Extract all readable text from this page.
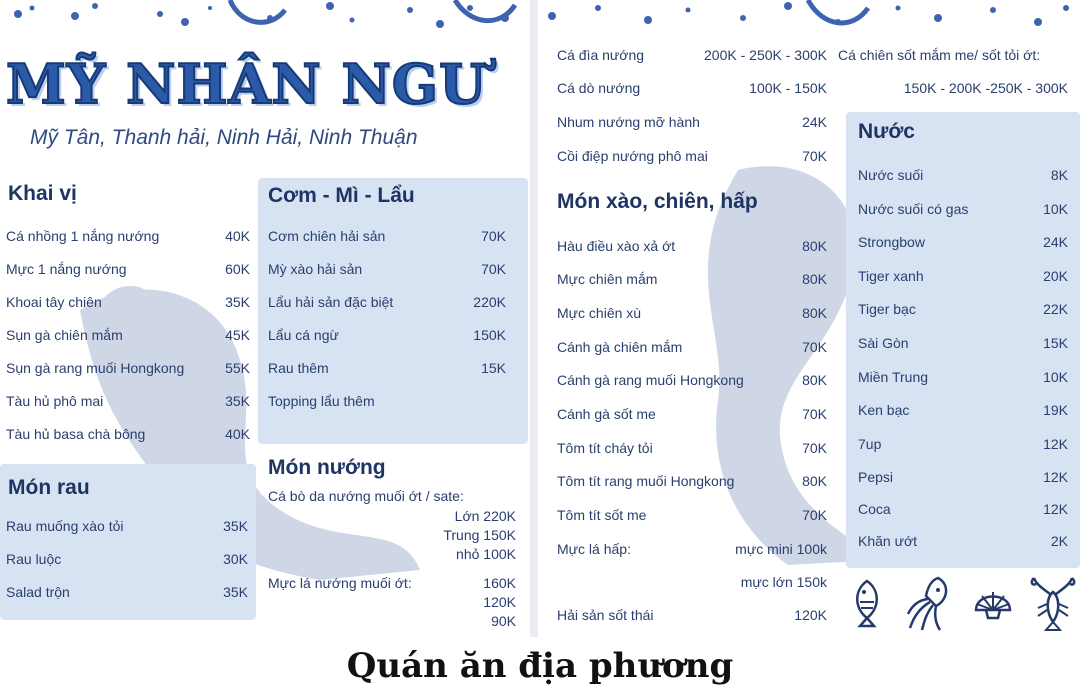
MỸ NHÂN NGƯ
Mỹ Tân, Thanh hải, Ninh Hải, Ninh Thuận
Khai vị
Cá nhồng 1 nắng nướng	40K
Mực 1 nắng nướng	60K
Khoai tây chiên	35K
Sụn gà chiên mắm	45K
Sụn gà rang muối Hongkong	55K
Tàu hủ phô mai	35K
Tàu hủ basa chà bông	40K
Cơm - Mì - Lẩu
Cơm chiên hải sản	70K
Mỳ xào hải sản	70K
Lẩu hải sản đặc biệt	220K
Lẩu cá ngừ	150K
Rau thêm	15K
Topping lẩu thêm
Món rau
Rau muống xào tỏi	35K
Rau luộc	30K
Salad trộn	35K
Món nướng
Cá bò da nướng muối ớt / sate:
Lớn 220K
Trung 150K
nhỏ 100K
Mực lá nướng muối ớt:	160K
120K
90K
Cá đìa nướng	200K - 250K - 300K
Cá dò nướng	100K - 150K
Nhum nướng mỡ hành	24K
Cồi điệp nướng phô mai	70K
Cá chiên sốt mắm me/ sốt tỏi ớt:
150K - 200K -250K - 300K
Món xào, chiên, hấp
Hàu điều xào xả ớt	80K
Mực chiên mắm	80K
Mực chiên xù	80K
Cánh gà chiên mắm	70K
Cánh gà rang muối Hongkong	80K
Cánh gà sốt me	70K
Tôm tít cháy tỏi	70K
Tôm tít rang muối Hongkong	80K
Tôm tít sốt me	70K
Mực lá hấp:	mực mini 100k
mực lớn 150k
Hải sản sốt thái	120K
Nước
Nước suối	8K
Nước suối có gas	10K
Strongbow	24K
Tiger xanh	20K
Tiger bạc	22K
Sài Gòn	15K
Miền Trung	10K
Ken bạc	19K
7up	12K
Pepsi	12K
Coca	12K
Khăn ướt	2K
Quán ăn địa phương
